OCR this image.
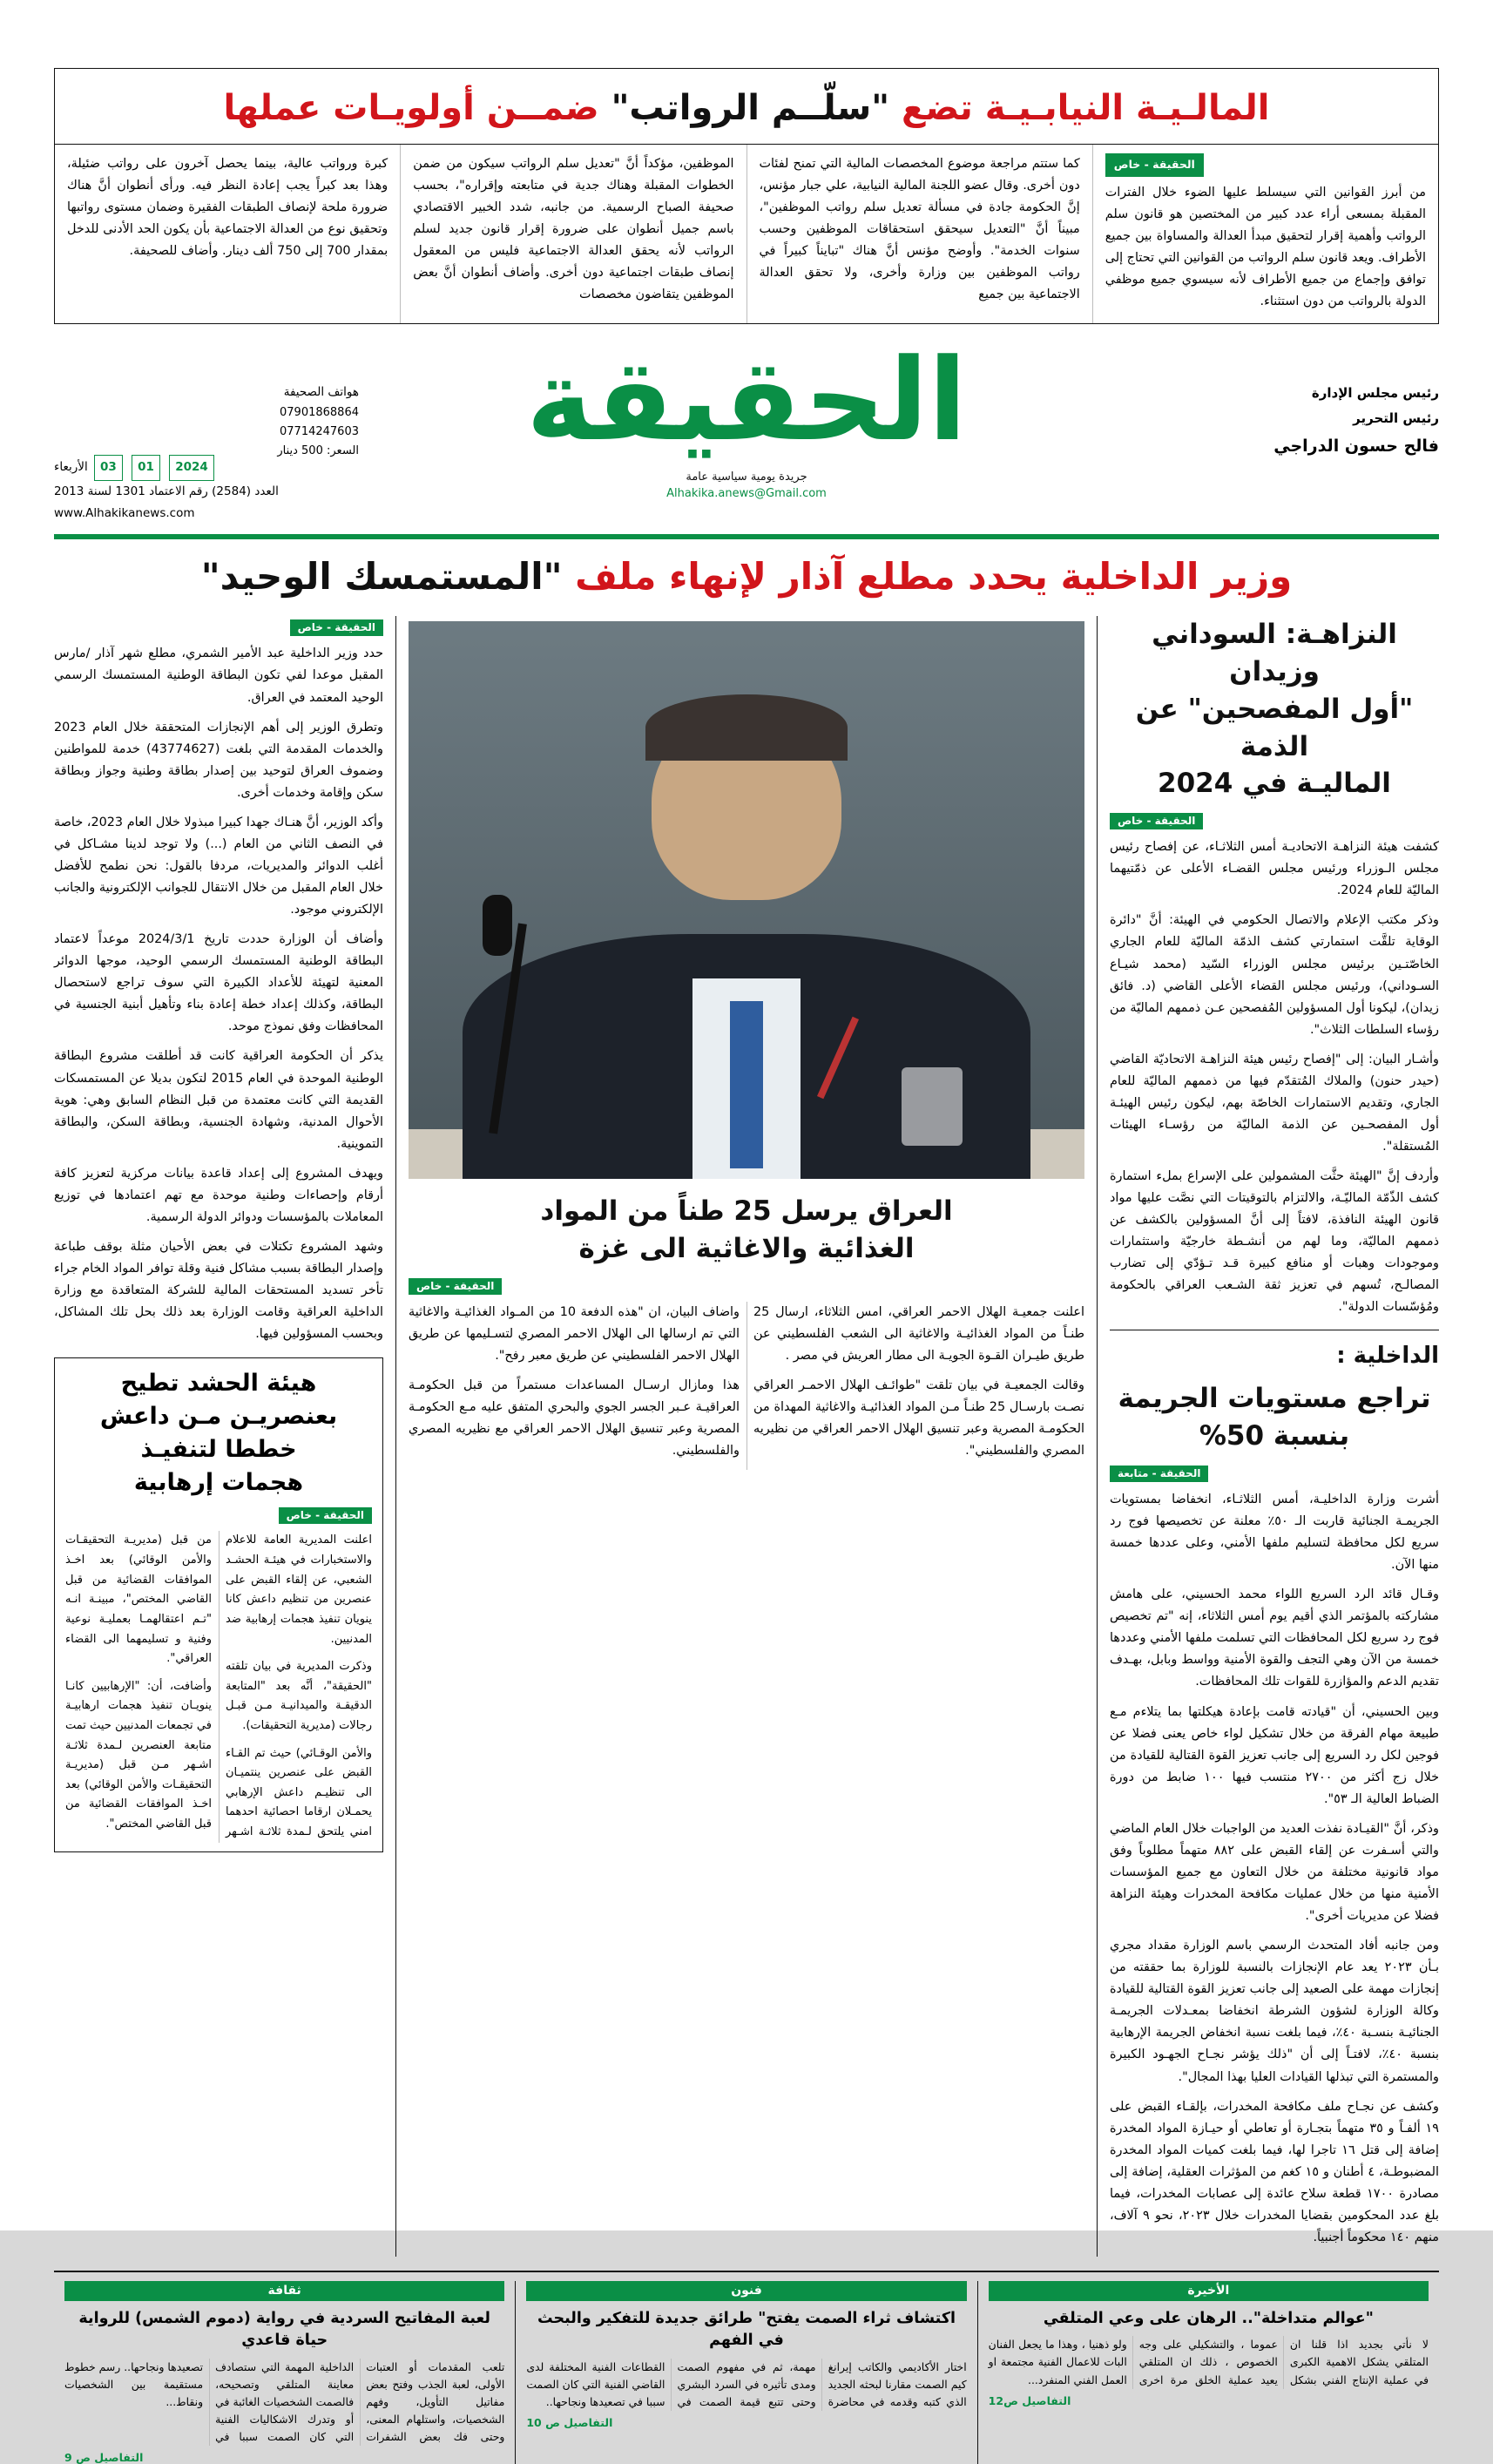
المالـيـة النيابـيـة تضع "سلّــم الرواتب" ضمــن أولويـات عملها
الحقيقة - خاص
من أبرز القوانين التي سيسلط عليها الضوء خلال الفترات المقبلة بمسعى أراء عدد كبير من المختصين هو قانون سلم الرواتب وأهمية إقرار لتحقيق مبدأ العدالة والمساواة بين جميع الأطراف. ويعد قانون سلم الرواتب من القوانين التي تحتاج إلى توافق وإجماع من جميع الأطراف لأنه سيسوي جميع موظفي الدولة بالرواتب من دون استثناء.
كما ستتم مراجعة موضوع المخصصات المالية التي تمنح لفئات دون أخرى. وقال عضو اللجنة المالية النيابية، علي جبار مؤنس، إنَّ الحكومة جادة في مسألة تعديل سلم رواتب الموظفين"، مبيناً أنَّ "التعديل سيحقق استحقاقات الموظفين وحسب سنوات الخدمة". وأوضح مؤنس أنَّ هناك "تبايناً كبيراً في رواتب الموظفين بين وزارة وأخرى، ولا تحقق العدالة الاجتماعية بين جميع
الموظفين، مؤكداً أنَّ "تعديل سلم الرواتب سيكون من ضمن الخطوات المقبلة وهناك جدية في متابعته وإقراره"، بحسب صحيفة الصباح الرسمية. من جانبه، شدد الخبير الاقتصادي باسم جميل أنطوان على ضرورة إقرار قانون جديد لسلم الرواتب لأنه يحقق العدالة الاجتماعية فليس من المعقول إنصاف طبقات اجتماعية دون أخرى. وأضاف أنطوان أنَّ بعض الموظفين يتقاضون مخصصات
كبرة ورواتب عالية، بينما يحصل آخرون على رواتب ضئيلة، وهذا بعد كبراً يجب إعادة النظر فيه. ورأى أنطوان أنَّ هناك ضرورة ملحة لإنصاف الطبقات الفقيرة وضمان مستوى رواتبها وتحقيق نوع من العدالة الاجتماعية بأن يكون الحد الأدنى للدخل بمقدار 700 إلى 750 ألف دينار. وأضاف للصحيفة.
رئيس مجلس الإدارة
رئيس التحرير
فالح حسون الدراجي
الحقيقة
جريدة يومية سياسية عامة
Alhakika.anews@Gmail.com
هواتف الصحيفة
07901868864
07714247603
السعر: 500 دينار
2024 01 03 الأربعاء
العدد (2584) رقم الاعتماد 1301 لسنة 2013
www.Alhakikanews.com
وزير الداخلية يحدد مطلع آذار لإنهاء ملف "المستمسك الوحيد"
النزاهـة: السوداني وزيدان
"أول المفصحين" عن الذمة
الماليـة في 2024
الحقيقة - خاص

كشفت هيئة النزاهـة الاتحاديـة أمس الثلاثـاء، عن إفصاح رئيس مجلس الـوزراء ورئيس مجلس القضـاء الأعلى عن ذمّتيهما الماليّة للعام 2024.

وذكر مكتب الإعلام والاتصال الحكومي في الهيئة: أنَّ "دائرة الوقاية تلقَّت استمارتي كشف الذمّة الماليّة للعام الجاري الخاصّتـين برئيس مجلس الوزراء السّيد (محمد شيـاع السـوداني)، ورئيس مجلس القضاء الأعلى القاضي (د. فائق زيدان)، ليكونا أول المسؤولين المُفصحين عـن ذممهم الماليّة من رؤساء السلطات الثلاث".

وأشـار البيان: إلى "إفصاح رئيس هيئة النزاهـة الاتحاديّة القاضي (حيدر حنون) والملاك المُتقدّم فيها من ذممهم الماليّة للعام الجاري، وتقديم الاستمارات الخاصّة بهم، ليكون رئيس الهيئـة أول المفصحـين عن الذمة الماليّة من رؤسـاء الهيئات المُستقلة".

وأردف إنَّ "الهيئة حثَّت المشمولين على الإسراع بملء استمارة كشف الذّمّة الماليّـة، والالتزام بالتوقيتات التي نصَّت عليها مواد قانون الهيئة النافذة، لافتاً إلى أنَّ المسؤولين بالكشف عن ذممهم الماليّة، وما لهم من أنشـطة خارجيّة واستثمارات وموجودات وهبات أو منافع كبيرة قـد تـؤدّي إلى تضارب المصالـح، تُسهم في تعزيز ثقة الشـعب العراقي بالحكومة ومُؤسّسات الدولة".

الداخلية :
تراجع مستويات الجريمة
بنسبة 50%
الحقيقة - متابعة

أشرت وزارة الداخليـة، أمس الثلاثـاء، انخفاضا بمستويات الجريمـة الجنائية قاربت الـ ٥٠٪ معلنة عن تخصيصها فوج رد سريع لكل محافظة لتسليم ملفها الأمني، وعلى عددها خمسة منها الآن.

وقـال قائد الرد السريع اللواء محمد الحسيني، على هامش مشاركته بالمؤتمر الذي أقيم يوم أمس الثلاثاء، إنه "تم تخصيص فوج رد سريع لكل المحافظات التي تسلمت ملفها الأمني وعددها خمسة من الآن وهي التجف والقوة الأمنية وواسط وبابل، بهـدف تقديم الدعم والمؤازرة للقوات تلك المحافظات.

وبين الحسيني، أن "قيادته قامت بإعادة هيكلتها بما يتلاءم مـع طبيعة مهام الفرقة من خلال تشكيل لواء خاص يعنى فضلا عن فوجين لكل رد السريع إلى جانب تعزيز القوة القتالية للقيادة من خلال زج أكثر من ٢٧٠٠ منتسب فيها ١٠٠ ضابط من دورة الضباط العالية الـ ٥٣".

وذكر، أنَّ "القيـادة نفذت العديد من الواجبات خلال العام الماضي والتي أسـفرت عن إلقاء القبض على ٨٨٢ متهماً مطلوباً وفق مواد قانونية مختلفة من خلال التعاون مع جميع المؤسسات الأمنية منها من خلال عمليات مكافحة المخدرات وهيئة النزاهة فضلا عن مديريات أخرى".

ومن جانبه أفاد المتحدث الرسمي باسم الوزارة مقداد مجري بـأن ٢٠٢٣ يعد عام الإنجازات بالنسبة للوزارة بما حققته من إنجازات مهمة على الصعيد إلى جانب تعزيز القوة القتالية للقيادة وكالة الوزارة لشؤون الشرطة انخفاضا بمعـدلات الجريمـة الجنائيـة بنسـبة ٤٠٪، فيما بلغت نسبة انخفاض الجريمة الإرهابية بنسبة ٤٠٪، لافتـاً إلى أن "ذلك يؤشر نجـاح الجهـود الكبيرة والمستمرة التي تبذلها القيادات العليا بهذا المجال".

وكشف عن نجـاح ملف مكافحة المخدرات، بإلقـاء القبض على ١٩ ألفـاً و ٣٥ متهماً بتجـارة أو تعاطي أو حيـازة المواد المخدرة إضافة إلى قتل ١٦ تاجرا لها، فيما بلغت كميات المواد المخدرة المضبوطـة، ٤ أطنان و ١٥ كغم من المؤثرات العقلية، إضافة إلى مصادرة ١٧٠٠ قطعة سلاح عائدة إلى عصابات المخدرات، فيما بلغ عدد المحكومين بقضايا المخدرات خلال ٢٠٢٣، نحو ٩ آلاف، منهم ١٤٠ محكوماً أجنبياً.

العراق يرسل 25 طناً من المواد
الغذائية والاغاثية الى غزة
الحقيقة - خاص

اعلنت جمعيـة الهلال الاحمر العراقي، امس الثلاثاء، ارسال 25 طنـاً من المواد الغذائيـة والاغاثية الى الشعب الفلسطيني عن طريق طيـران القـوة الجويـة الى مطار العريش في مصر .

وقالت الجمعيـة في بيان تلقت "طوائـف الهلال الاحمـر العراقي نصـت بارسـال 25 طنـاً مـن المواد الغذائيـة والاغاثية المهداة من الحكومـة المصرية وعبر تنسيق الهلال الاحمر العراقي من نظيريه المصري والفلسطيني".

واضاف البيان، ان "هذه الدفعة 10 من المـواد الغذائيـة والاغاثية التي تم ارسالها الى الهلال الاحمر المصري لتسـليمها عن طريق الهلال الاحمر الفلسطيني عن طريق معبر رفح".

هذا ومازال ارسـال المساعدات مستمراً من قبل الحكومـة العراقيـة عـبر الجسر الجوي والبحري المتفق عليه مـع الحكومـة المصرية وعبر تنسيق الهلال الاحمر العراقي مع نظيريه المصري والفلسطيني.

الحقيقة - خاص

حدد وزير الداخلية عبد الأمير الشمري، مطلع شهر آذار /مارس المقبل موعدا لفي تكون البطاقة الوطنية المستمسك الرسمي الوحيد المعتمد في العراق.

وتطرق الوزير إلى أهم الإنجازات المتحققة خلال العام 2023 والخدمات المقدمة التي بلغت (43774627) خدمة للمواطنين وضموف العراق لتوحيد بين إصدار بطاقة وطنية وجواز وبطاقة سكن وإقامة وخدمات أخرى.

وأكد الوزير، أنَّ هنـاك جهدا كبيرا مبذولا خلال العام 2023، خاصة في النصف الثاني من العام (...) ولا توجد لدينا مشـاكل في أغلب الدوائر والمديريات، مردفا بالقول: نحن نطمح للأفضل خلال العام المقبل من خلال الانتقال للجوانب الإلكترونية والجانب الإلكتروني موجود.

وأضاف أن الوزارة حددت تاريخ 2024/3/1 موعداً لاعتماد البطاقة الوطنية المستمسك الرسمي الوحيد، موجها الدوائر المعنية لتهيئة للأعداد الكبيرة التي سوف تراجع لاستحصال البطاقة، وكذلك إعداد خطة إعادة بناء وتأهيل أبنية الجنسية في المحافظات وفق نموذج موحد.

يذكر أن الحكومة العراقية كانت قد أطلقت مشروع البطاقة الوطنية الموحدة في العام 2015 لتكون بديلا عن المستمسكات القديمة التي كانت معتمدة من قبل النظام السابق وهي: هوية الأحوال المدنية، وشهادة الجنسية، وبطاقة السكن، والبطاقة التموينية.

ويهدف المشروع إلى إعداد قاعدة بيانات مركزية لتعزيز كافة أرقام وإحصاءات وطنية موحدة مع تهم اعتمادها في توزيع المعاملات بالمؤسسات ودوائر الدولة الرسمية.

وشهد المشروع تكتلات في بعض الأحيان مثلة بوقف طباعة وإصدار البطاقة بسبب مشاكل فنية وقلة توافر المواد الخام جراء تأخر تسديد المستحقات المالية للشركة المتعاقدة مع وزارة الداخلية العراقية وقامت الوزارة بعد ذلك بحل تلك المشاكل، وبحسب المسؤولين فيها.

هيئة الحشد تطيح
بعنصريـن مـن داعش خططا لتنفيـذ
هجمات إرهابية
الحقيقة - خاص

اعلنت المديرية العامة للاعلام والاستخبارات في هيئـة الحشـد الشعبي، عن إلقاء القبض على عنصرين من تنظيم داعش كانا ينويان تنفيذ هجمات إرهابية ضد المدنيين.

وذكرت المديرية في بيان تلقته "الحقيقة"، أنَّه بعد "المتابعة الدقيقـة والميدانيـة مـن قبـل رجالات (مديرية التحقيقات).

والأمن الوقـائي) حيث تم القـاء القبض على عنصرين ينتميـان الى تنظيـم داعش الإرهابي يحمـلان ارقاما احصائية احدهما امني يلتحق لـمدة ثلاثـة اشـهر من قبل (مديريـة التحقيقـات والأمن الوقائي) بعد اخـذ الموافقات القضائية من قبل القاضي المختص"، مبينـة انـه "تـم اعتقالهمـا بعمليـة نوعية وفنية و تسليمهما الى القضاء العراقي".

وأضافت، أن: "الإرهابيين كانـا ينويـان تنفيذ هجمات ارهابيـة في تجمعات المدنيين حيث تمت متابعة العنصرين لـمدة ثلاثـة اشـهر مـن قبل (مديريـة التحقيقـات والأمن الوقائي) بعد اخـذ الموافقات القضائية من قبل القاضي المختص".

الأخيرة
"عوالم متداخلة".. الرهان على وعي المتلقي
لا نأتي بجديد اذا قلنا ان المتلقي يشكل الاهمية الكبرى في عملية الإنتاج الفني بشكل عموما ، والتشكيلي على وجه الخصوص ، ذلك ان المتلقي يعيد عملية الخلق مرة اخرى ولو ذهنيا ، وهذا ما يجعل الفنان البات للاعمال الفنية مجتمعة او العمل الفني المنفرد...
التفاصيل ص12
فنون
اكتشاف ثراء الصمت يفتح" طرائق جديدة للتفكير والبحث في الفهم
اختار الأكاديمي والكاتب إيرانغ كيم الصمت مقارنا لبحثه الجديد الذي كتبه وقدمه في محاضرة مهمة، ثم في مفهوم الصمت ومدى تأثيره في السرد البشري وحتى تتبع قيمة الصمت في القطاعات الفنية المختلفة لدى القاضي الفنية التي كان الصمت سببا في تصعيدها ونجاحها..
التفاصيل ص 10
ثقافة
لعبة المفاتيح السردية في رواية (دموم الشمس) للرواية حياة قاعدي
تلعب المقدمات أو العتبات الأولى، لعبة الجذب وفتح بعض مفاتيل التأويل، وفهم الشخصيات، واستلهام المعنى، وحتى فك بعض الشفرات الداخلية المهمة التي ستصادف معاينة المتلقي وتصحيحه، فالصمت الشخصيات الغائبة في أو وتدرك الاشكاليات الفنية التي كان الصمت سببا في تصعيدها ونجاحها.. رسم خطوط مستقيمة بين الشخصيات ونقاط...
التفاصيل ص 9
